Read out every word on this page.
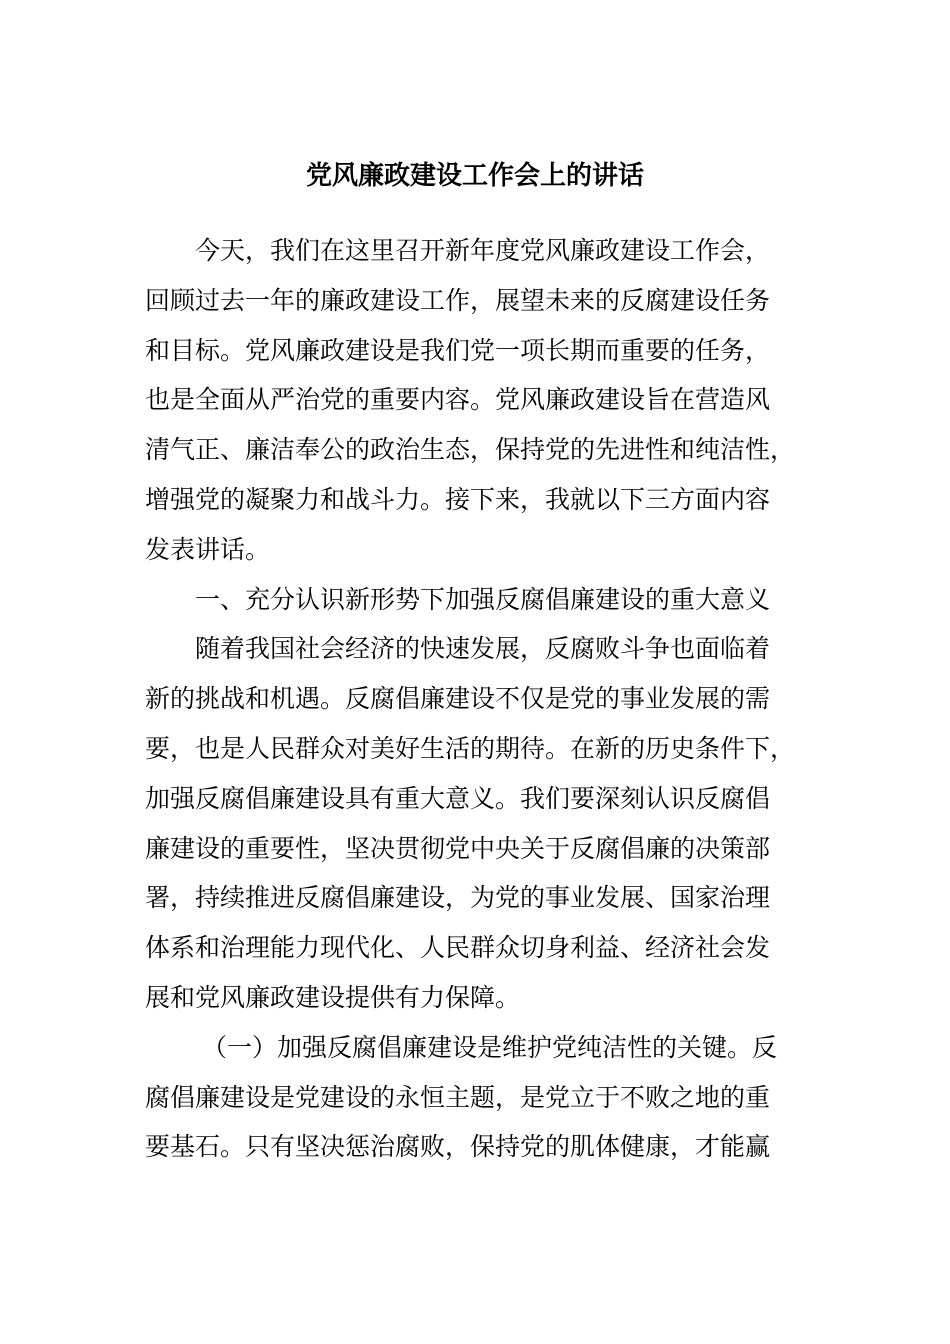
党风廉政建设工作会上的讲话
今天，我们在这里召开新年度党风廉政建设工作会，
回顾过去一年的廉政建设工作，展望未来的反腐建设任务
和目标。党风廉政建设是我们党一项长期而重要的任务，
也是全面从严治党的重要内容。党风廉政建设旨在营造风
清气正、廉洁奉公的政治生态，保持党的先进性和纯洁性，
增强党的凝聚力和战斗力。接下来，我就以下三方面内容
发表讲话。
一、充分认识新形势下加强反腐倡廉建设的重大意义
随着我国社会经济的快速发展，反腐败斗争也面临着
新的挑战和机遇。反腐倡廉建设不仅是党的事业发展的需
要，也是人民群众对美好生活的期待。在新的历史条件下，
加强反腐倡廉建设具有重大意义。我们要深刻认识反腐倡
廉建设的重要性，坚决贯彻党中央关于反腐倡廉的决策部
署，持续推进反腐倡廉建设，为党的事业发展、国家治理
体系和治理能力现代化、人民群众切身利益、经济社会发
展和党风廉政建设提供有力保障。
（一）加强反腐倡廉建设是维护党纯洁性的关键。反
腐倡廉建设是党建设的永恒主题，是党立于不败之地的重
要基石。只有坚决惩治腐败，保持党的肌体健康，才能赢
